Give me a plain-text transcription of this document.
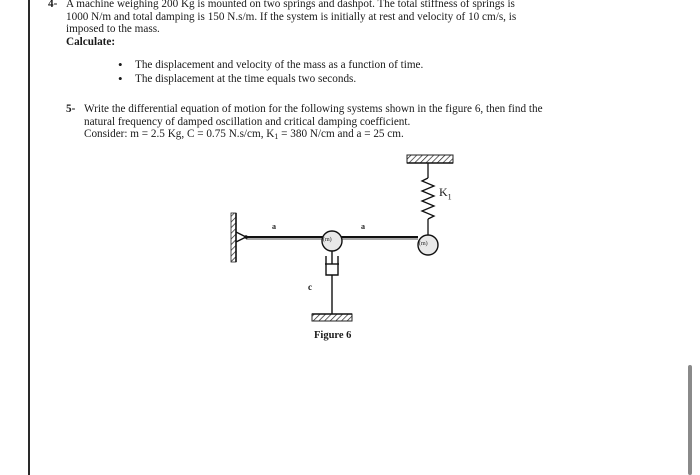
4- A machine weighing 200 Kg is mounted on two springs and dashpot. The total stiffness of springs is
1000 N/m and total damping is 150 N.s/m. If the system is initially at rest and velocity of 10 cm/s, is
imposed to the mass.
Calculate:
• The displacement and velocity of the mass as a function of time.
• The displacement at the time equals two seconds.
5- Write the differential equation of motion for the following systems shown in the figure 6, then find the
natural frequency of damped oscillation and critical damping coefficient.
Consider: m = 2.5 Kg, C = 0.75 N.s/cm, $K_1 = 380$ N/cm and a = 25 cm.
a	a
c
(m)
(m)
$K_1$
Figure 6
